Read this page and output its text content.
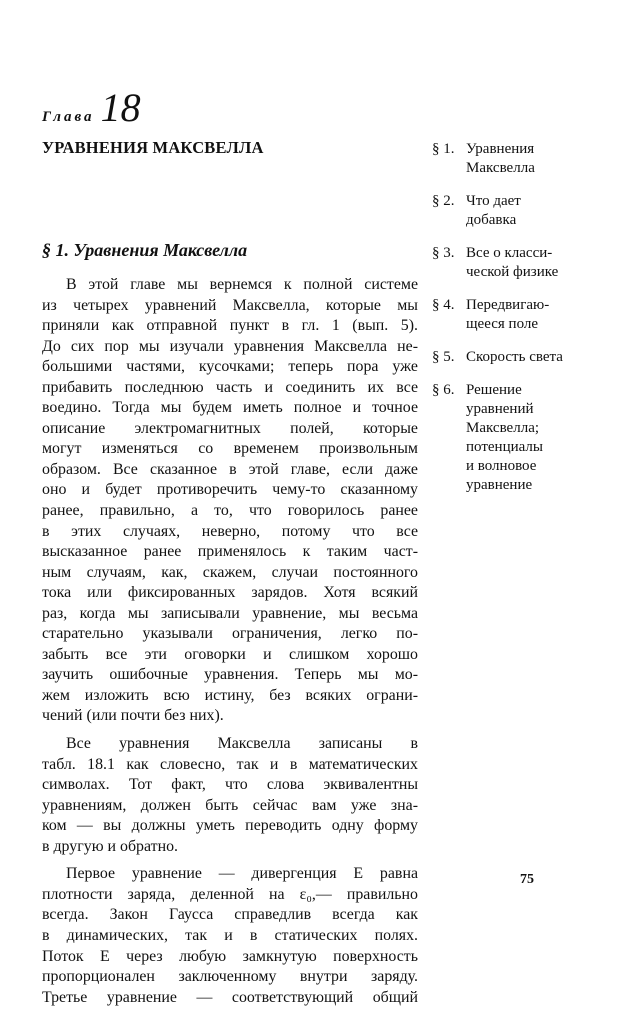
Глава 18
УРАВНЕНИЯ МАКСВЕЛЛА
§ 1. Уравнения Максвелла
В этой главе мы вернемся к полной системе
из четырех уравнений Максвелла, которые мы
приняли как отправной пункт в гл. 1 (вып. 5).
До сих пор мы изучали уравнения Максвелла не-
большими частями, кусочками; теперь пора уже
прибавить последнюю часть и соединить их все
воедино. Тогда мы будем иметь полное и точное
описание электромагнитных полей, которые
могут изменяться со временем произвольным
образом. Все сказанное в этой главе, если даже
оно и будет противоречить чему-то сказанному
ранее, правильно, а то, что говорилось ранее
в этих случаях, неверно, потому что все
высказанное ранее применялось к таким част-
ным случаям, как, скажем, случаи постоянного
тока или фиксированных зарядов. Хотя всякий
раз, когда мы записывали уравнение, мы весьма
старательно указывали ограничения, легко по-
забыть все эти оговорки и слишком хорошо
заучить ошибочные уравнения. Теперь мы мо-
жем изложить всю истину, без всяких ограни-
чений (или почти без них).
Все уравнения Максвелла записаны в
табл. 18.1 как словесно, так и в математических
символах. Тот факт, что слова эквивалентны
уравнениям, должен быть сейчас вам уже зна-
ком — вы должны уметь переводить одну форму
в другую и обратно.
Первое уравнение — дивергенция E равна
плотности заряда, деленной на ε₀,— правильно
всегда. Закон Гаусса справедлив всегда как
в динамических, так и в статических полях.
Поток E через любую замкнутую поверхность
пропорционален заключенному внутри заряду.
Третье уравнение — соответствующий общий
§ 1. Уравнения
Максвелла
§ 2. Что дает
добавка
§ 3. Все о класси-
ческой физике
§ 4. Передвигаю-
щееся поле
§ 5. Скорость света
§ 6. Решение
уравнений
Максвелла;
потенциалы
и волновое
уравнение
75
